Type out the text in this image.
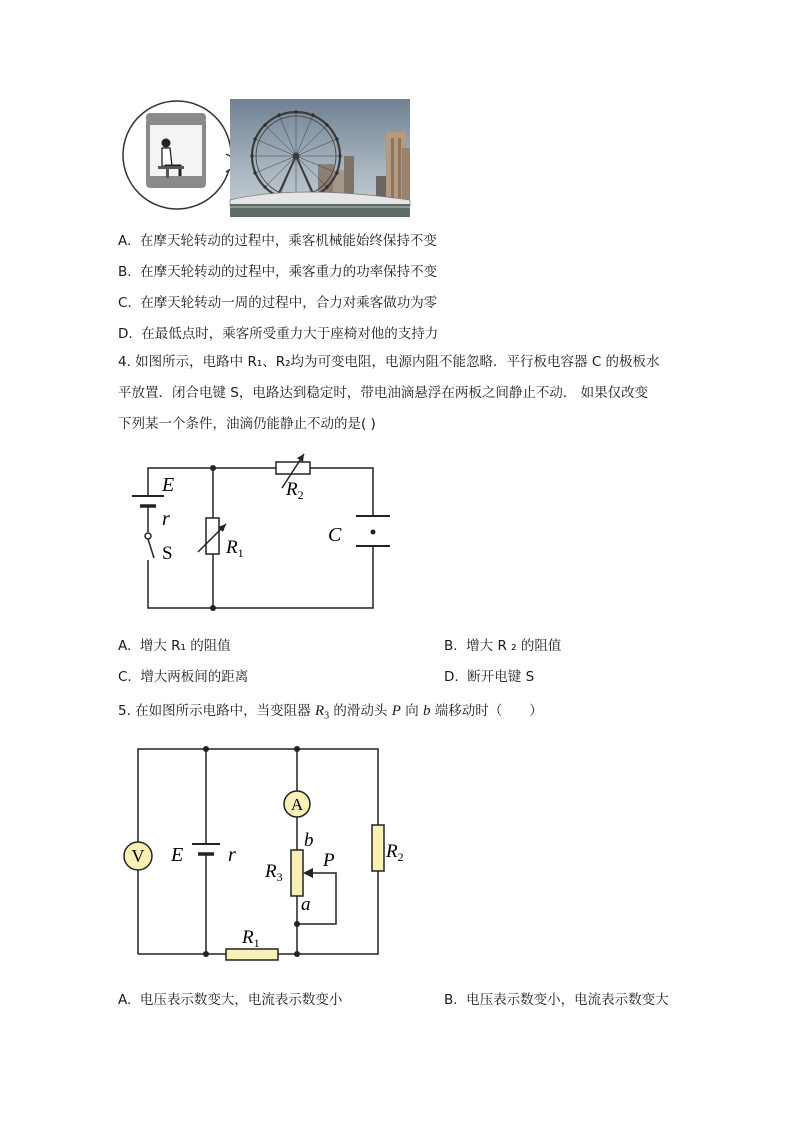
A. 在摩天轮转动的过程中，乘客机械能始终保持不变
B. 在摩天轮转动的过程中，乘客重力的功率保持不变
C. 在摩天轮转动一周的过程中，合力对乘客做功为零
D. 在最低点时，乘客所受重力大于座椅对他的支持力
4. 如图所示，电路中 R₁、R₂均为可变电阻，电源内阻不能忽略．平行板电容器 C 的极板水
平放置．闭合电键 S，电路达到稳定时，带电油滴悬浮在两板之间静止不动． 如果仅改变
下列某一个条件，油滴仍能静止不动的是( )
E
r
S	$R_1$
$R_2$
C
A. 增大 R₁ 的阻值	B. 增大 R ₂ 的阻值
C. 增大两板间的距离	D. 断开电键 S
5. 在如图所示电路中，当变阻器 $R_3$ 的滑动头 P 向 b 端移动时（　　）
V
A
E r
b
a
P
$R_3$
$R_2$
$R_1$
A. 电压表示数变大，电流表示数变小	B. 电压表示数变小，电流表示数变大
